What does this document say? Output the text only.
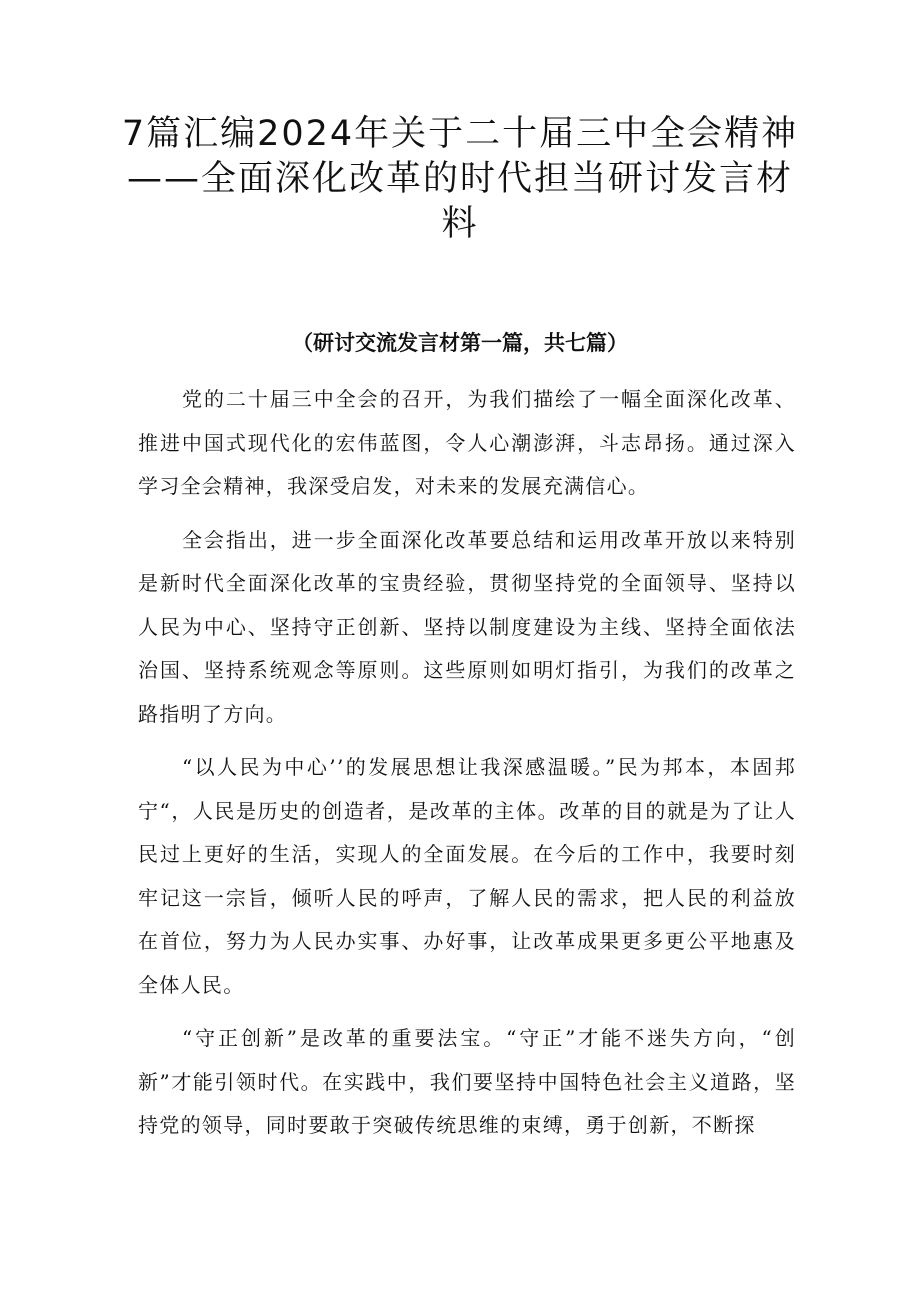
7篇汇编2024年关于二十届三中全会精神
——全面深化改革的时代担当研讨发言材
料
（研讨交流发言材第一篇，共七篇）

党的二十届三中全会的召开，为我们描绘了一幅全面深化改革、推进中国式现代化的宏伟蓝图，令人心潮澎湃，斗志昂扬。通过深入学习全会精神，我深受启发，对未来的发展充满信心。

全会指出，进一步全面深化改革要总结和运用改革开放以来特别是新时代全面深化改革的宝贵经验，贯彻坚持党的全面领导、坚持以人民为中心、坚持守正创新、坚持以制度建设为主线、坚持全面依法治国、坚持系统观念等原则。这些原则如明灯指引，为我们的改革之路指明了方向。

“以人民为中心’’的发展思想让我深感温暖。”民为邦本，本固邦宁“，人民是历史的创造者，是改革的主体。改革的目的就是为了让人民过上更好的生活，实现人的全面发展。在今后的工作中，我要时刻牢记这一宗旨，倾听人民的呼声，了解人民的需求，把人民的利益放在首位，努力为人民办实事、办好事，让改革成果更多更公平地惠及全体人民。

“守正创新”是改革的重要法宝。“守正”才能不迷失方向，“创新”才能引领时代。在实践中，我们要坚持中国特色社会主义道路，坚持党的领导，同时要敢于突破传统思维的束缚，勇于创新，不断探
